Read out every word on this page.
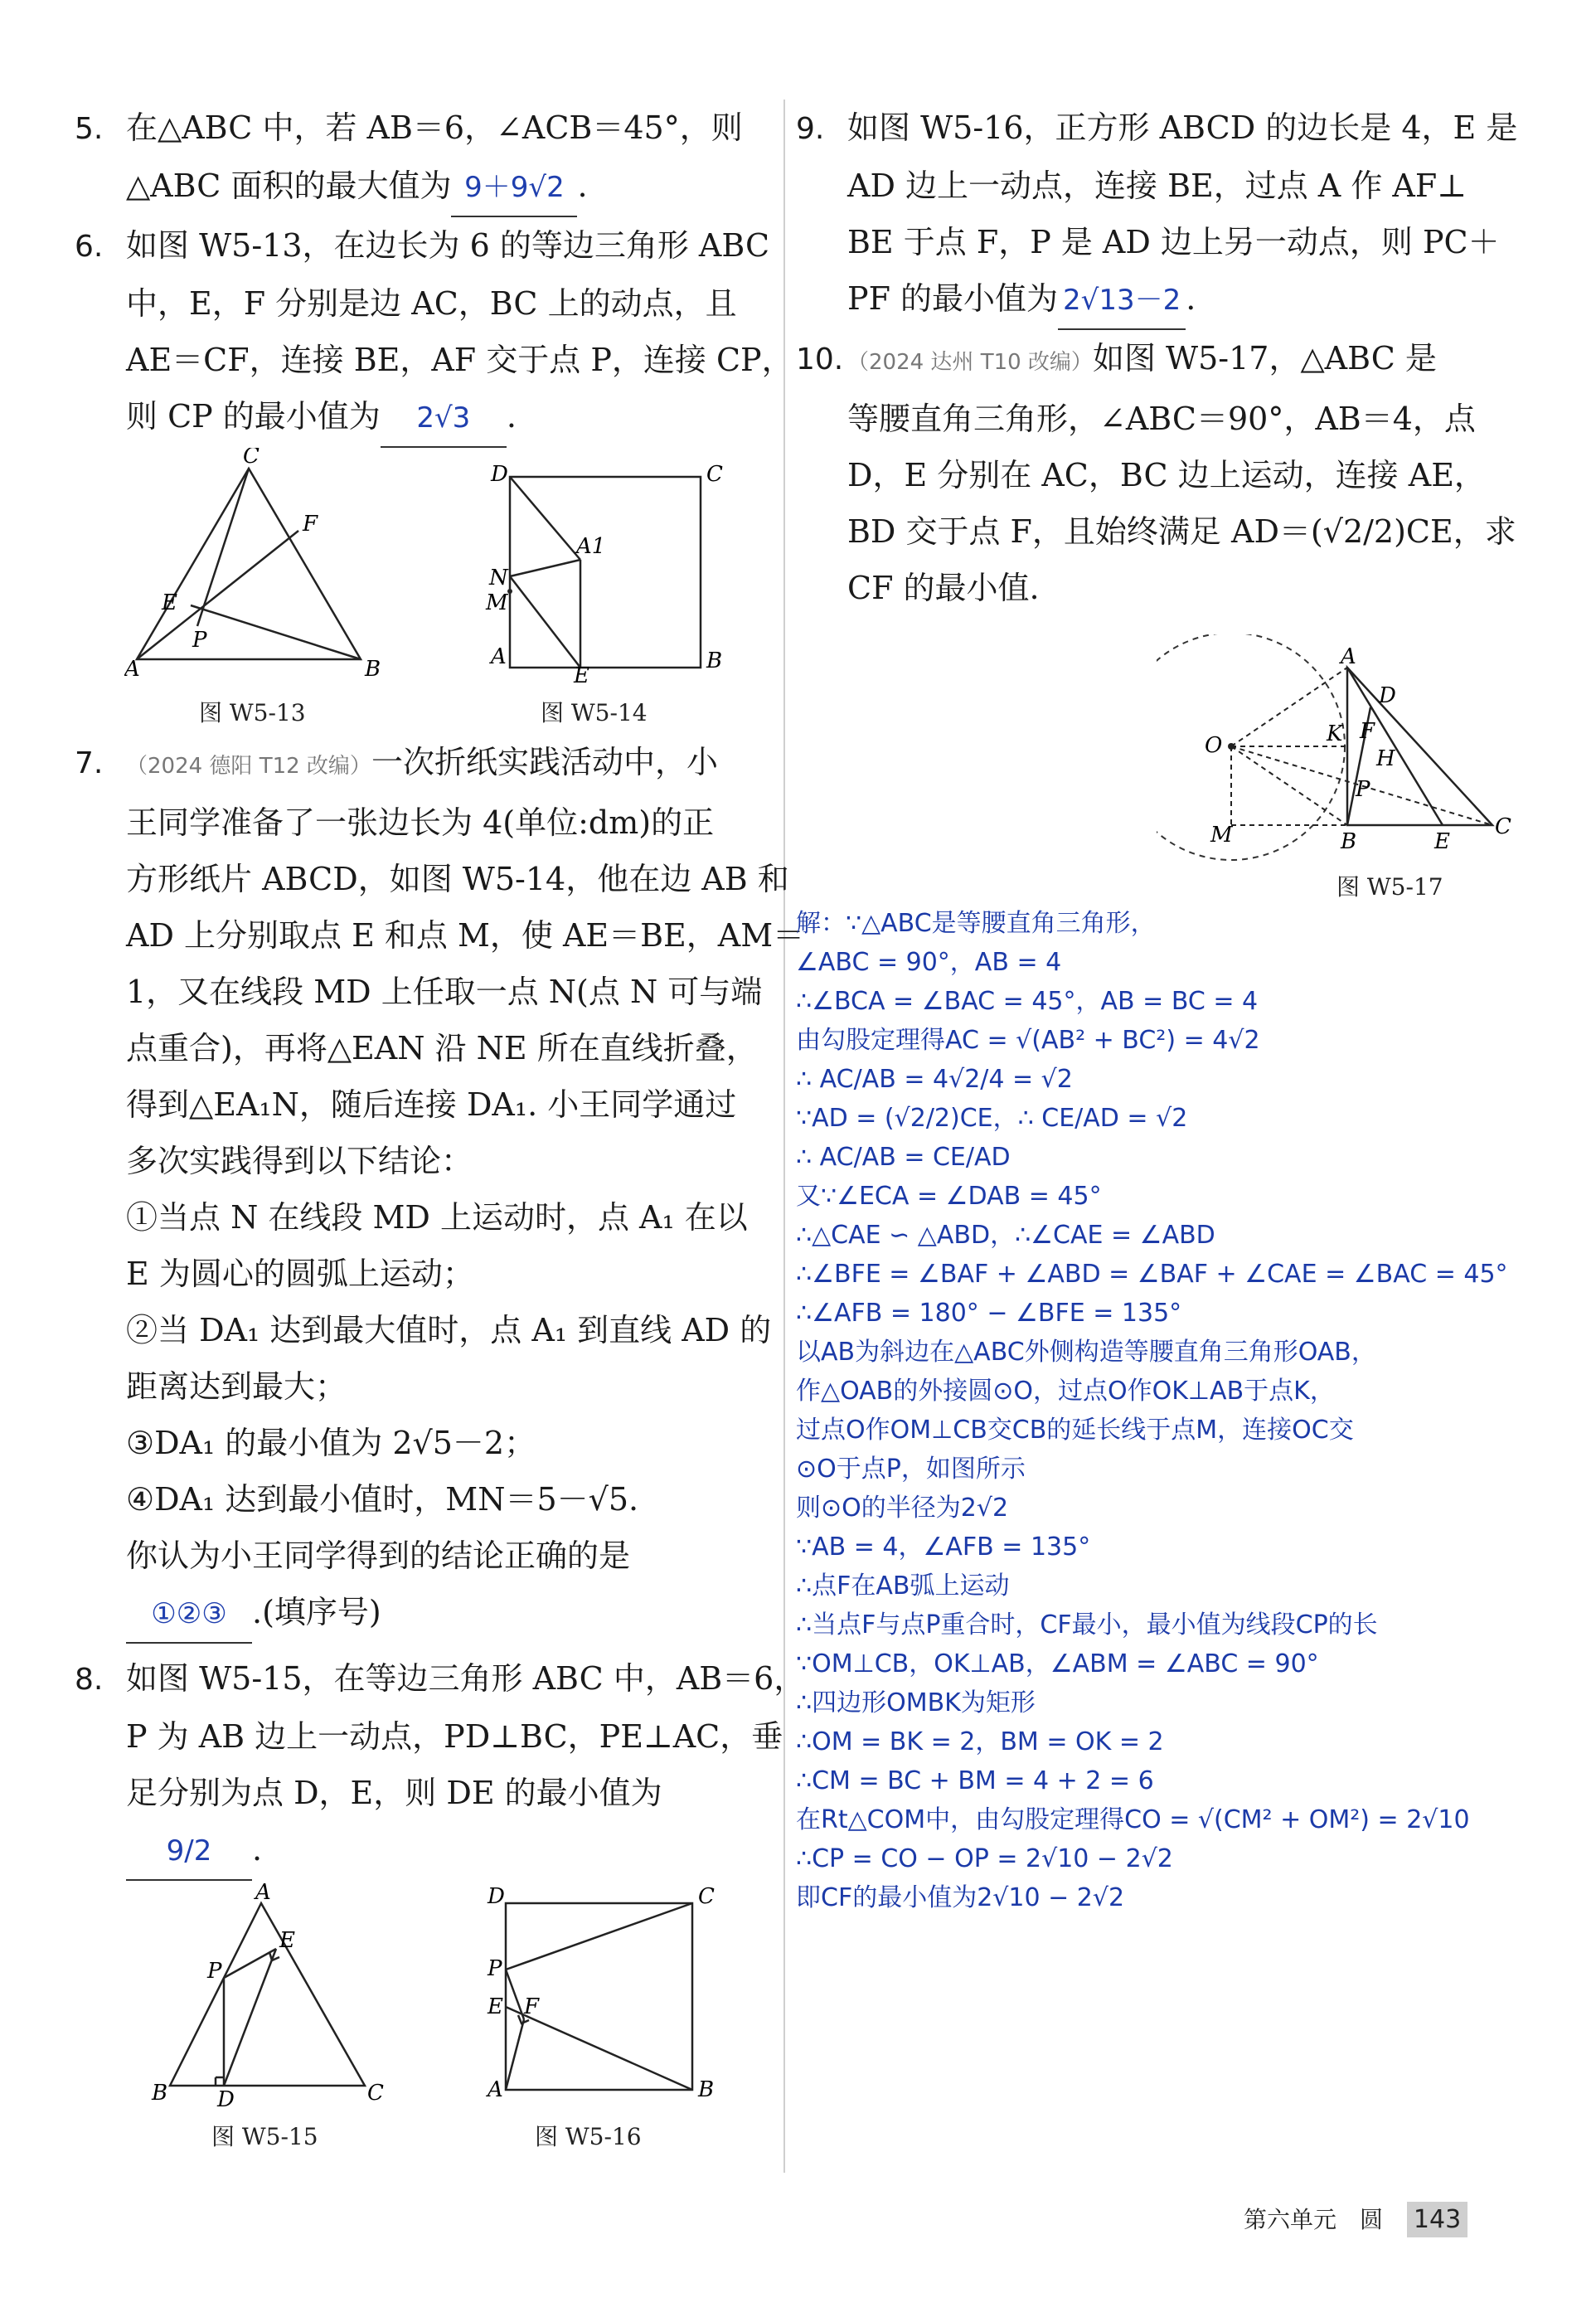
5. 在△ABC 中，若 AB＝6，∠ACB＝45°，则
△ABC 面积的最大值为 9＋9√2 .
6. 如图 W5-13，在边长为 6 的等边三角形 ABC
中，E，F 分别是边 AC，BC 上的动点，且
AE＝CF，连接 BE，AF 交于点 P，连接 CP，
则 CP 的最小值为 2√3 .
C
F
E
P
A	B
图 W5-13
D	C
A1
N
M
A
E
B
图 W5-14
7. （2024 德阳 T12 改编）一次折纸实践活动中，小
王同学准备了一张边长为 4(单位:dm)的正
方形纸片 ABCD，如图 W5-14，他在边 AB 和
AD 上分别取点 E 和点 M，使 AE＝BE，AM＝
1，又在线段 MD 上任取一点 N(点 N 可与端
点重合)，再将△EAN 沿 NE 所在直线折叠，
得到△EA₁N，随后连接 DA₁. 小王同学通过
多次实践得到以下结论：
①当点 N 在线段 MD 上运动时，点 A₁ 在以
E 为圆心的圆弧上运动；
②当 DA₁ 达到最大值时，点 A₁ 到直线 AD 的
距离达到最大；
③DA₁ 的最小值为 2√5－2；
④DA₁ 达到最小值时，MN＝5－√5.
你认为小王同学得到的结论正确的是
①②③ .(填序号)
8. 如图 W5-15，在等边三角形 ABC 中，AB＝6，
P 为 AB 边上一动点，PD⊥BC，PE⊥AC，垂
足分别为点 D，E，则 DE 的最小值为
9/2 .
A
E
P
B D	C
图 W5-15
D	C
P
E F
A	B
图 W5-16
9. 如图 W5-16，正方形 ABCD 的边长是 4，E 是
AD 边上一动点，连接 BE，过点 A 作 AF⊥
BE 于点 F，P 是 AD 边上另一动点，则 PC＋
PF 的最小值为 2√13－2 .
10. （2024 达州 T10 改编）如图 W5-17，△ABC 是
等腰直角三角形，∠ABC＝90°，AB＝4，点
D，E 分别在 AC，BC 边上运动，连接 AE，
BD 交于点 F，且始终满足 AD＝(√2/2)CE，求
CF 的最小值.
A
D
O	K F
H
P
M	B	E
C
图 W5-17
解：∵△ABC是等腰直角三角形，
∠ABC = 90°，AB = 4
∴∠BCA = ∠BAC = 45°，AB = BC = 4
由勾股定理得AC = √(AB² + BC²) = 4√2
∴ AC/AB = 4√2/4 = √2
∵AD = (√2/2)CE，∴ CE/AD = √2
∴ AC/AB = CE/AD
又∵∠ECA = ∠DAB = 45°
∴△CAE ∽ △ABD，∴∠CAE = ∠ABD
∴∠BFE = ∠BAF + ∠ABD = ∠BAF + ∠CAE = ∠BAC = 45°
∴∠AFB = 180° − ∠BFE = 135°
以AB为斜边在△ABC外侧构造等腰直角三角形OAB，
作△OAB的外接圆⊙O，过点O作OK⊥AB于点K，
过点O作OM⊥CB交CB的延长线于点M，连接OC交
⊙O于点P，如图所示
则⊙O的半径为2√2
∵AB = 4，∠AFB = 135°
∴点F在AB弧上运动
∴当点F与点P重合时，CF最小，最小值为线段CP的长
∵OM⊥CB，OK⊥AB，∠ABM = ∠ABC = 90°
∴四边形OMBK为矩形
∴OM = BK = 2，BM = OK = 2
∴CM = BC + BM = 4 + 2 = 6
在Rt△COM中，由勾股定理得CO = √(CM² + OM²) = 2√10
∴CP = CO − OP = 2√10 − 2√2
即CF的最小值为2√10 − 2√2
第六单元　圆 143
